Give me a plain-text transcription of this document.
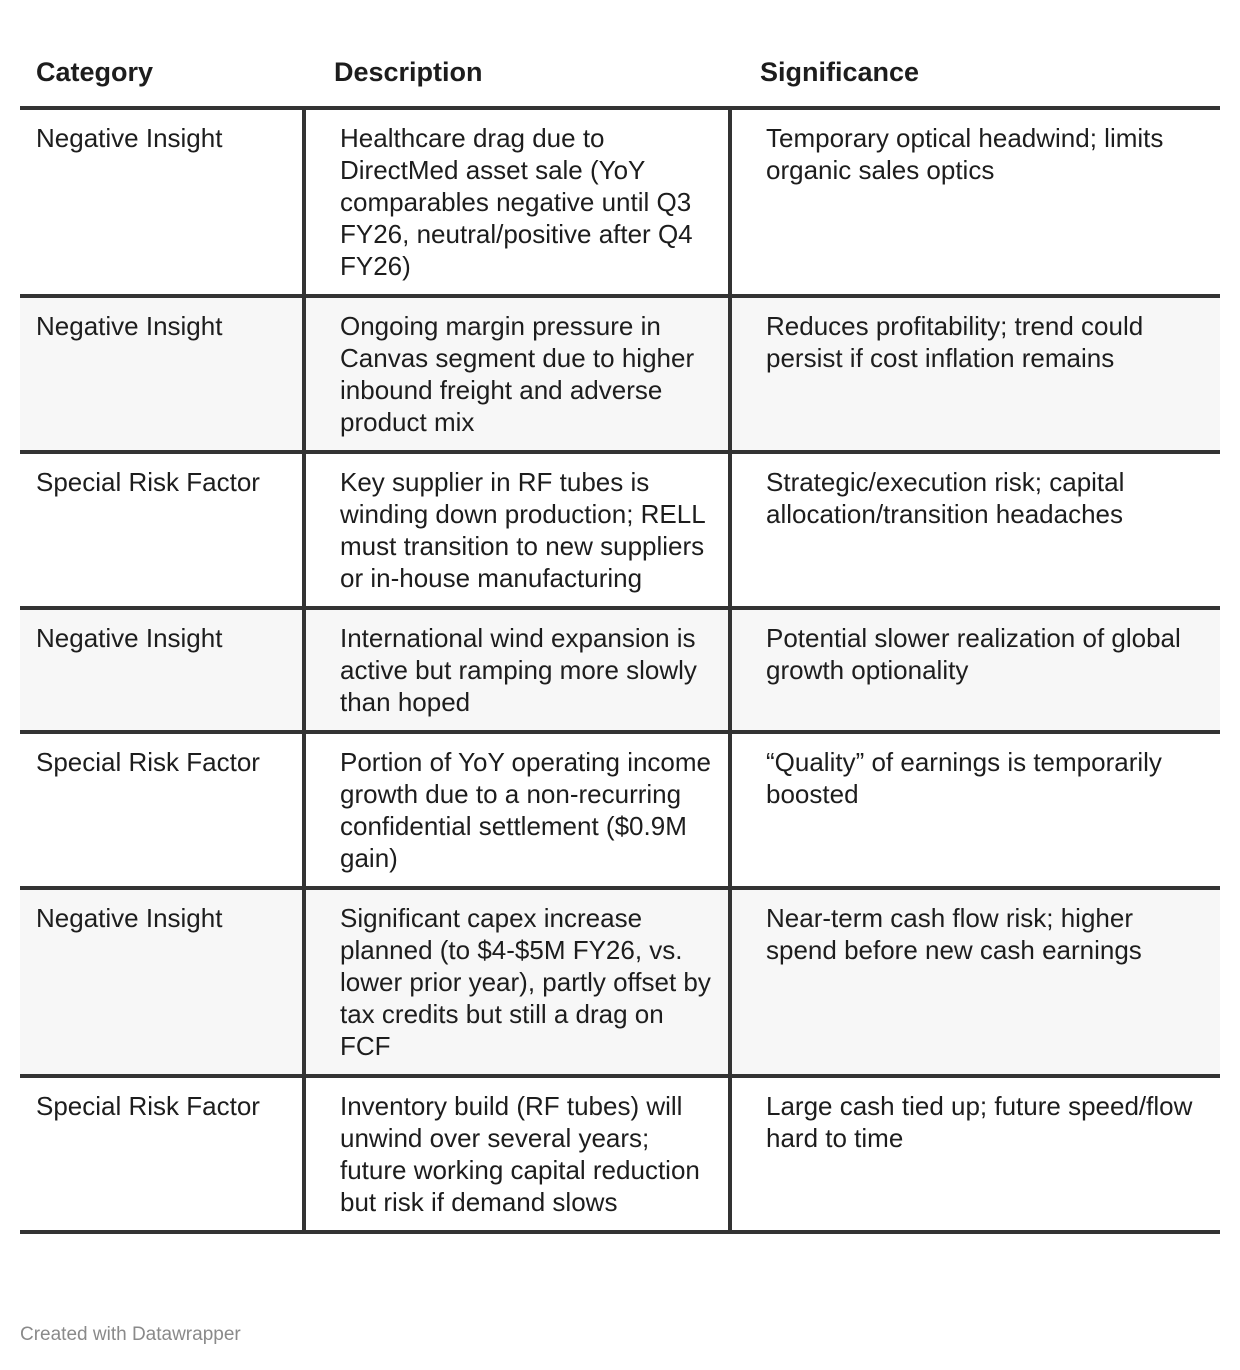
Category	Description	Significance
Negative Insight	Healthcare drag due to DirectMed asset sale (YoY comparables negative until Q3 FY26, neutral/positive after Q4 FY26)	Temporary optical headwind; limits organic sales optics
Negative Insight	Ongoing margin pressure in Canvas segment due to higher inbound freight and adverse product mix	Reduces profitability; trend could persist if cost inflation remains
Special Risk Factor	Key supplier in RF tubes is winding down production; RELL must transition to new suppliers or in-house manufacturing	Strategic/execution risk; capital allocation/transition headaches
Negative Insight	International wind expansion is active but ramping more slowly than hoped	Potential slower realization of global growth optionality
Special Risk Factor	Portion of YoY operating income growth due to a non-recurring confidential settlement ($0.9M gain)	“Quality” of earnings is temporarily boosted
Negative Insight	Significant capex increase planned (to $4-$5M FY26, vs. lower prior year), partly offset by tax credits but still a drag on FCF	Near-term cash flow risk; higher spend before new cash earnings
Special Risk Factor	Inventory build (RF tubes) will unwind over several years; future working capital reduction but risk if demand slows	Large cash tied up; future speed/flow hard to time
Created with Datawrapper
